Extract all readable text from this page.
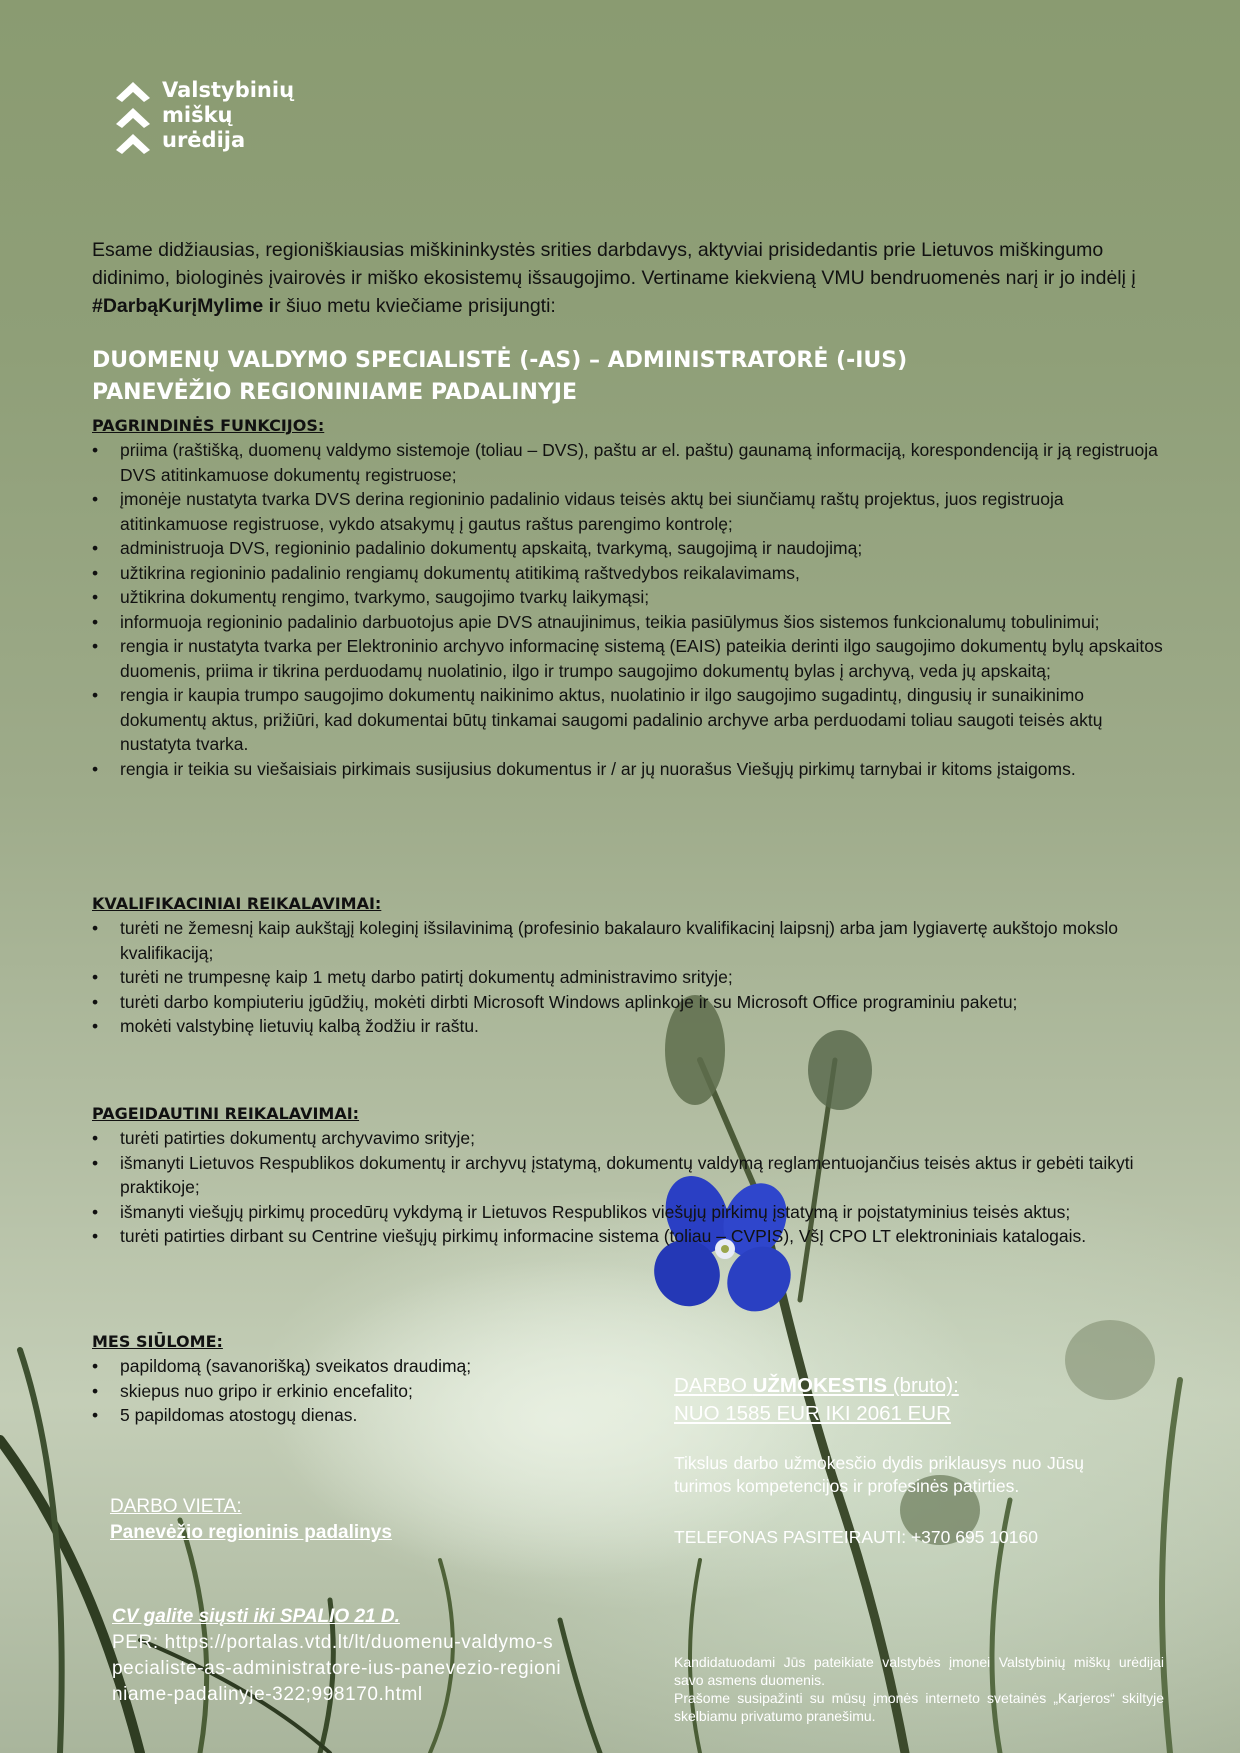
Valstybinių
miškų
urėdija

Esame didžiausias, regioniškiausias miškininkystės srities darbdavys, aktyviai prisidedantis prie Lietuvos miškingumo didinimo, biologinės įvairovės ir miško ekosistemų išsaugojimo. Vertiname kiekvieną VMU bendruomenės narį ir jo indėlį į #DarbąKurįMylime ir šiuo metu kviečiame prisijungti:

DUOMENŲ VALDYMO SPECIALISTĖ (-AS) – ADMINISTRATORĖ (-IUS)
PANEVĖŽIO REGIONINIAME PADALINYJE
PAGRINDINĖS FUNKCIJOS:
• priima (raštišką, duomenų valdymo sistemoje (toliau – DVS), paštu ar el. paštu) gaunamą informaciją, korespondenciją ir ją registruoja DVS atitinkamuose dokumentų registruose;
• įmonėje nustatyta tvarka DVS derina regioninio padalinio vidaus teisės aktų bei siunčiamų raštų projektus, juos registruoja atitinkamuose registruose, vykdo atsakymų į gautus raštus parengimo kontrolę;
• administruoja DVS, regioninio padalinio dokumentų apskaitą, tvarkymą, saugojimą ir naudojimą;
• užtikrina regioninio padalinio rengiamų dokumentų atitikimą raštvedybos reikalavimams,
• užtikrina dokumentų rengimo, tvarkymo, saugojimo tvarkų laikymąsi;
• informuoja regioninio padalinio darbuotojus apie DVS atnaujinimus, teikia pasiūlymus šios sistemos funkcionalumų tobulinimui;
• rengia ir nustatyta tvarka per Elektroninio archyvo informacinę sistemą (EAIS) pateikia derinti ilgo saugojimo dokumentų bylų apskaitos duomenis, priima ir tikrina perduodamų nuolatinio, ilgo ir trumpo saugojimo dokumentų bylas į archyvą, veda jų apskaitą;
• rengia ir kaupia trumpo saugojimo dokumentų naikinimo aktus, nuolatinio ir ilgo saugojimo sugadintų, dingusių ir sunaikinimo dokumentų aktus, prižiūri, kad dokumentai būtų tinkamai saugomi padalinio archyve arba perduodami toliau saugoti teisės aktų nustatyta tvarka.
• rengia ir teikia su viešaisiais pirkimais susijusius dokumentus ir / ar jų nuorašus Viešųjų pirkimų tarnybai ir kitoms įstaigoms.
KVALIFIKACINIAI REIKALAVIMAI:
• turėti ne žemesnį kaip aukštąjį koleginį išsilavinimą (profesinio bakalauro kvalifikacinį laipsnį) arba jam lygiavertę aukštojo mokslo kvalifikaciją;
• turėti ne trumpesnę kaip 1 metų darbo patirtį dokumentų administravimo srityje;
• turėti darbo kompiuteriu įgūdžių, mokėti dirbti Microsoft Windows aplinkoje ir su Microsoft Office programiniu paketu;
• mokėti valstybinę lietuvių kalbą žodžiu ir raštu.
PAGEIDAUTINI REIKALAVIMAI:
• turėti patirties dokumentų archyvavimo srityje;
• išmanyti Lietuvos Respublikos dokumentų ir archyvų įstatymą, dokumentų valdymą reglamentuojančius teisės aktus ir gebėti taikyti praktikoje;
• išmanyti viešųjų pirkimų procedūrų vykdymą ir Lietuvos Respublikos viešųjų pirkimų įstatymą ir poįstatyminius teisės aktus;
• turėti patirties dirbant su Centrine viešųjų pirkimų informacine sistema (toliau – CVPIS), VšĮ CPO LT elektroniniais katalogais.
MES SIŪLOME:
• papildomą (savanorišką) sveikatos draudimą;
• skiepus nuo gripo ir erkinio encefalito;
• 5 papildomas atostogų dienas.
DARBO UŽMOKESTIS (bruto):
NUO 1585 EUR IKI 2061 EUR

Tikslus darbo užmokesčio dydis priklausys nuo Jūsų turimos kompetencijos ir profesinės patirties.

TELEFONAS PASITEIRAUTI: +370 695 10160
DARBO VIETA:
Panevėžio regioninis padalinys
CV galite siųsti iki SPALIO 21 D.
PER: https://portalas.vtd.lt/lt/duomenu-valdymo-specialiste-as-administratore-ius-panevezio-regioniniame-padalinyje-322;998170.html
Kandidatuodami Jūs pateikiate valstybės įmonei Valstybinių miškų urėdijai savo asmens duomenis.
Prašome susipažinti su mūsų įmonės interneto svetainės „Karjeros“ skiltyje skelbiamu privatumo pranešimu.
